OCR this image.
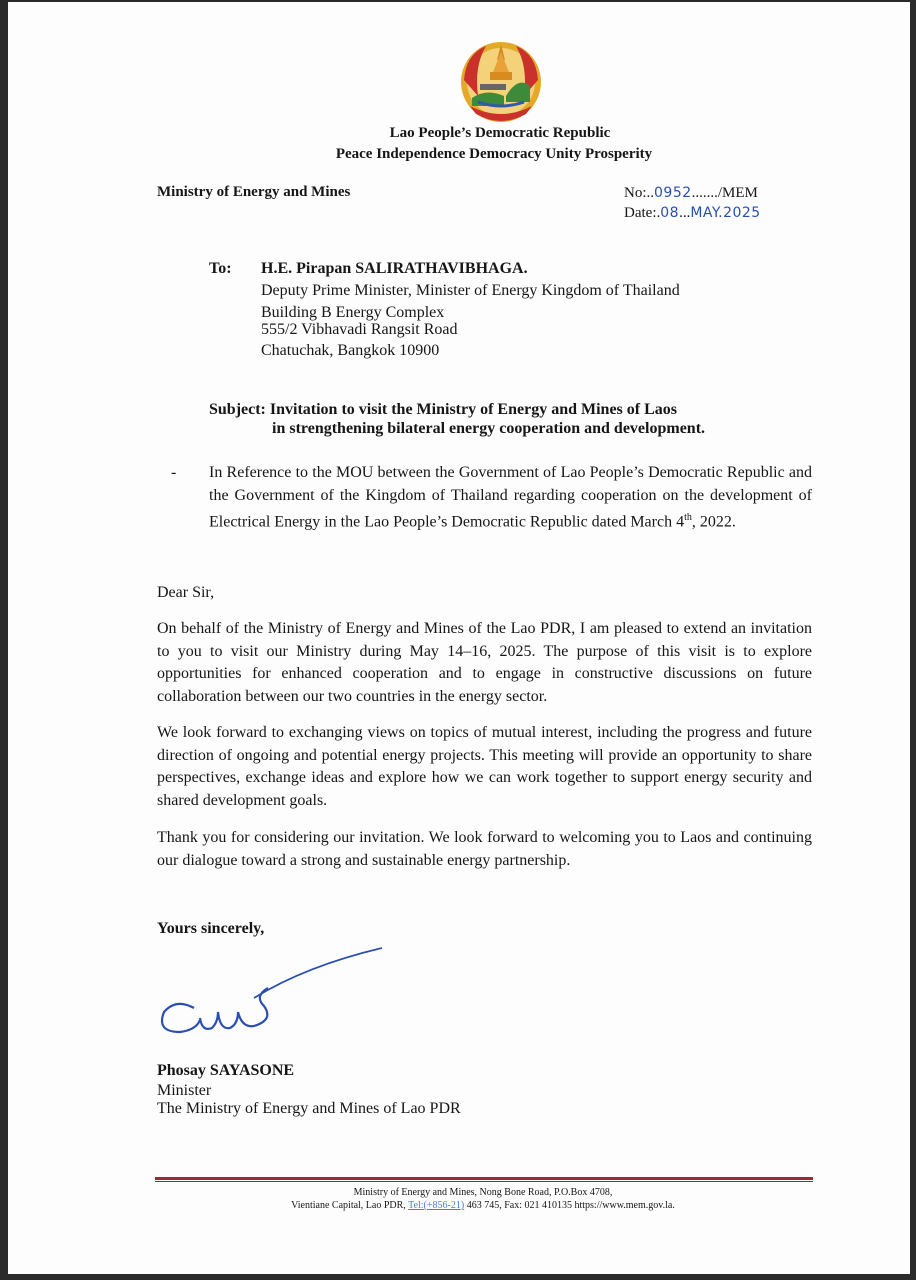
Lao People’s Democratic Republic
Peace Independence Democracy Unity Prosperity
Ministry of Energy and Mines	No:..0952......./MEM
Date:.08...MAY.2025
To: H.E. Pirapan SALIRATHAVIBHAGA.
Deputy Prime Minister, Minister of Energy Kingdom of Thailand
Building B Energy Complex
555/2 Vibhavadi Rangsit Road
Chatuchak, Bangkok 10900
Subject: Invitation to visit the Ministry of Energy and Mines of Laos
in strengthening bilateral energy cooperation and development.
- In Reference to the MOU between the Government of Lao People’s Democratic Republic and the Government of the Kingdom of Thailand regarding cooperation on the development of Electrical Energy in the Lao People’s Democratic Republic dated March 4th, 2022.
Dear Sir,
On behalf of the Ministry of Energy and Mines of the Lao PDR, I am pleased to extend an invitation to you to visit our Ministry during May 14–16, 2025. The purpose of this visit is to explore opportunities for enhanced cooperation and to engage in constructive discussions on future collaboration between our two countries in the energy sector.
We look forward to exchanging views on topics of mutual interest, including the progress and future direction of ongoing and potential energy projects. This meeting will provide an opportunity to share perspectives, exchange ideas and explore how we can work together to support energy security and shared development goals.
Thank you for considering our invitation. We look forward to welcoming you to Laos and continuing our dialogue toward a strong and sustainable energy partnership.
Yours sincerely,
Phosay SAYASONE
Minister
The Ministry of Energy and Mines of Lao PDR
Ministry of Energy and Mines, Nong Bone Road, P.O.Box 4708,
Vientiane Capital, Lao PDR, Tel:(+856-21) 463 745, Fax: 021 410135 https://www.mem.gov.la.
